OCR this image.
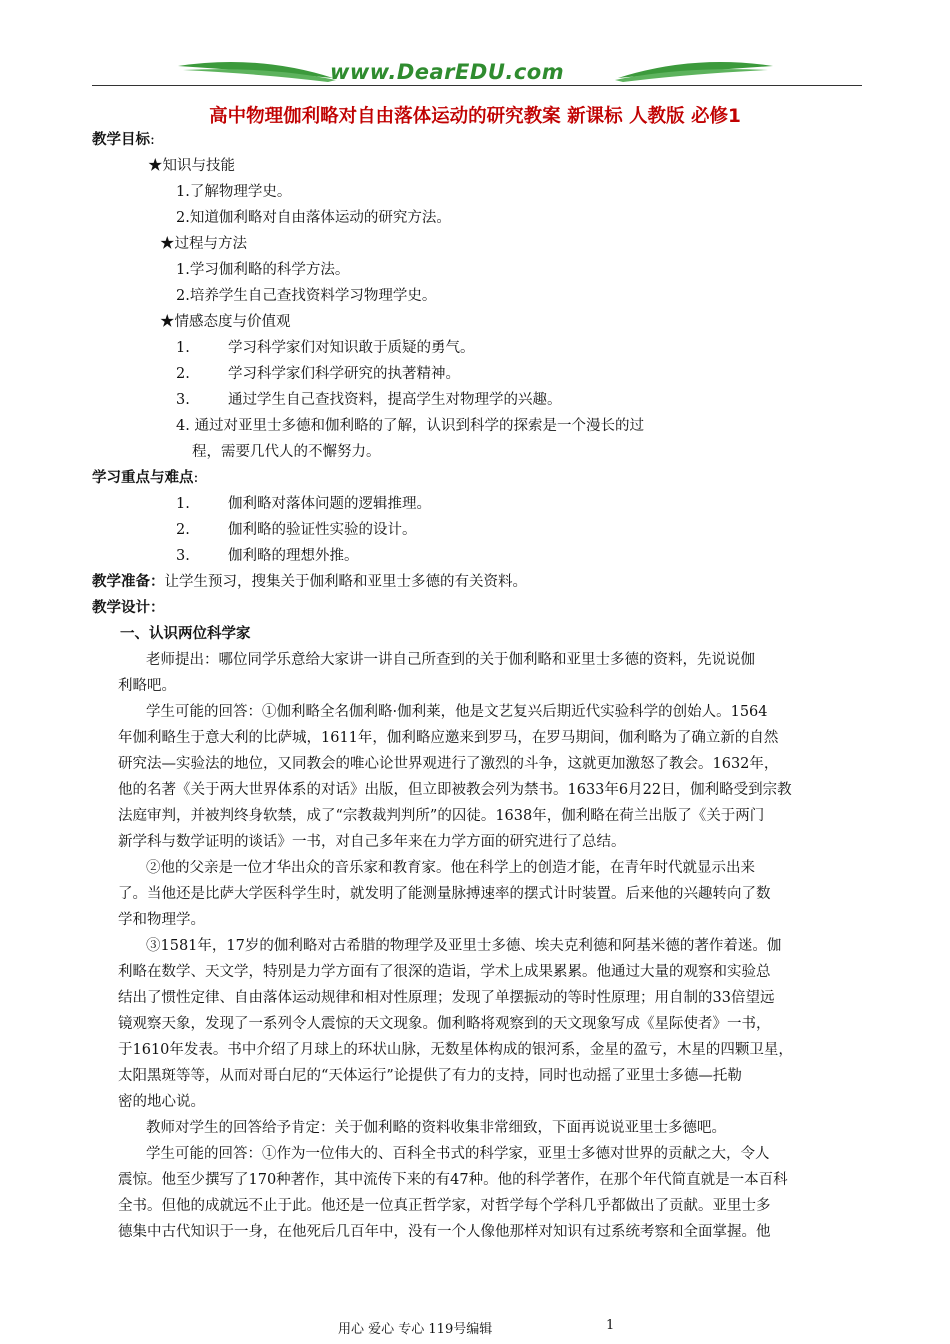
www.DearEDU.com
高中物理伽利略对自由落体运动的研究教案 新课标 人教版 必修1
教学目标:
★知识与技能
1.了解物理学史。
2.知道伽利略对自由落体运动的研究方法。
★过程与方法
1.学习伽利略的科学方法。
2.培养学生自己查找资料学习物理学史。
★情感态度与价值观
1.	学习科学家们对知识敢于质疑的勇气。
2.	学习科学家们科学研究的执著精神。
3.	通过学生自己查找资料，提高学生对物理学的兴趣。
4. 通过对亚里士多德和伽利略的了解，认识到科学的探索是一个漫长的过
程，需要几代人的不懈努力。
学习重点与难点:
1.	伽利略对落体问题的逻辑推理。
2.	伽利略的验证性实验的设计。
3.	伽利略的理想外推。
教学准备：让学生预习，搜集关于伽利略和亚里士多德的有关资料。
教学设计：
一、认识两位科学家
老师提出：哪位同学乐意给大家讲一讲自己所查到的关于伽利略和亚里士多德的资料，先说说伽
利略吧。
学生可能的回答：①伽利略全名伽利略·伽利莱，他是文艺复兴后期近代实验科学的创始人。1564
年伽利略生于意大利的比萨城，1611年，伽利略应邀来到罗马，在罗马期间，伽利略为了确立新的自然
研究法—实验法的地位，又同教会的唯心论世界观进行了激烈的斗争，这就更加激怒了教会。1632年，
他的名著《关于两大世界体系的对话》出版，但立即被教会列为禁书。1633年6月22日，伽利略受到宗教
法庭审判，并被判终身软禁，成了“宗教裁判判所”的囚徒。1638年，伽利略在荷兰出版了《关于两门
新学科与数学证明的谈话》一书，对自己多年来在力学方面的研究进行了总结。
②他的父亲是一位才华出众的音乐家和教育家。他在科学上的创造才能，在青年时代就显示出来
了。当他还是比萨大学医科学生时，就发明了能测量脉搏速率的摆式计时装置。后来他的兴趣转向了数
学和物理学。
③1581年，17岁的伽利略对古希腊的物理学及亚里士多德、埃夫克利德和阿基米德的著作着迷。伽
利略在数学、天文学，特别是力学方面有了很深的造诣，学术上成果累累。他通过大量的观察和实验总
结出了惯性定律、自由落体运动规律和相对性原理；发现了单摆振动的等时性原理；用自制的33倍望远
镜观察天象，发现了一系列令人震惊的天文现象。伽利略将观察到的天文现象写成《星际使者》一书，
于1610年发表。书中介绍了月球上的环状山脉，无数星体构成的银河系，金星的盈亏，木星的四颗卫星，
太阳黑斑等等，从而对哥白尼的“天体运行”论提供了有力的支持，同时也动摇了亚里士多德—托勒
密的地心说。
教师对学生的回答给予肯定：关于伽利略的资料收集非常细致，下面再说说亚里士多德吧。
学生可能的回答：①作为一位伟大的、百科全书式的科学家，亚里士多德对世界的贡献之大，令人
震惊。他至少撰写了170种著作，其中流传下来的有47种。他的科学著作，在那个年代简直就是一本百科
全书。但他的成就远不止于此。他还是一位真正哲学家，对哲学每个学科几乎都做出了贡献。亚里士多
德集中古代知识于一身，在他死后几百年中，没有一个人像他那样对知识有过系统考察和全面掌握。他
用心 爱心 专心 119号编辑	1
